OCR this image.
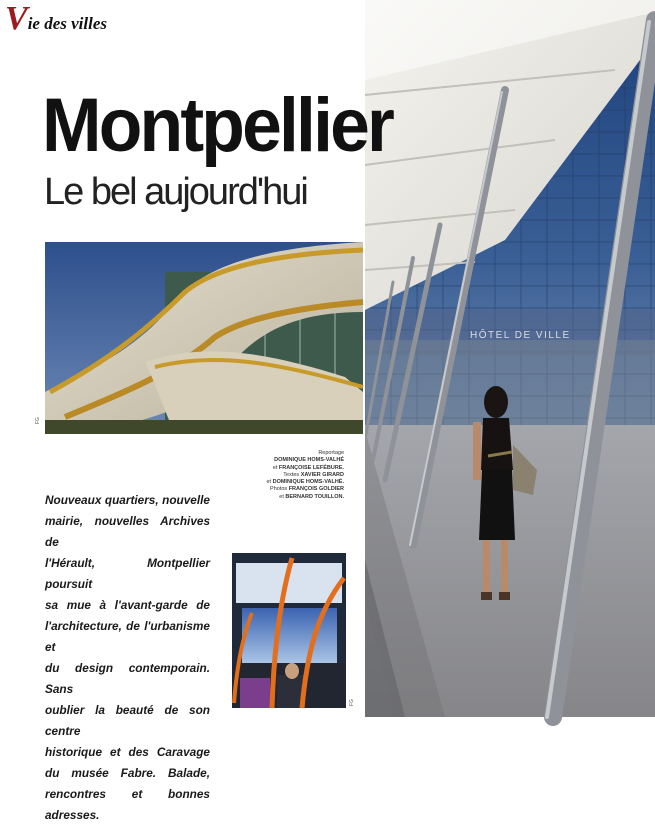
HÔTEL DE VILLE
V ie des villes
FG
Montpellier
Le bel aujourd'hui
Reportage
DOMINIQUE HOMS-VALHÉ
et FRANÇOISE LEFÉBURE.
Textes XAVIER GIRARD
et DOMINIQUE HOMS-VALHÉ.
Photos FRANÇOIS GOLDIER
et BERNARD TOUILLON.
Nouveaux quartiers, nouvelle
mairie, nouvelles Archives de
l'Hérault, Montpellier poursuit
sa mue à l'avant-garde de
l'architecture, de l'urbanisme et
du design contemporain. Sans
oublier la beauté de son centre
historique et des Caravage
du musée Fabre. Balade,
rencontres et bonnes adresses.
FG
